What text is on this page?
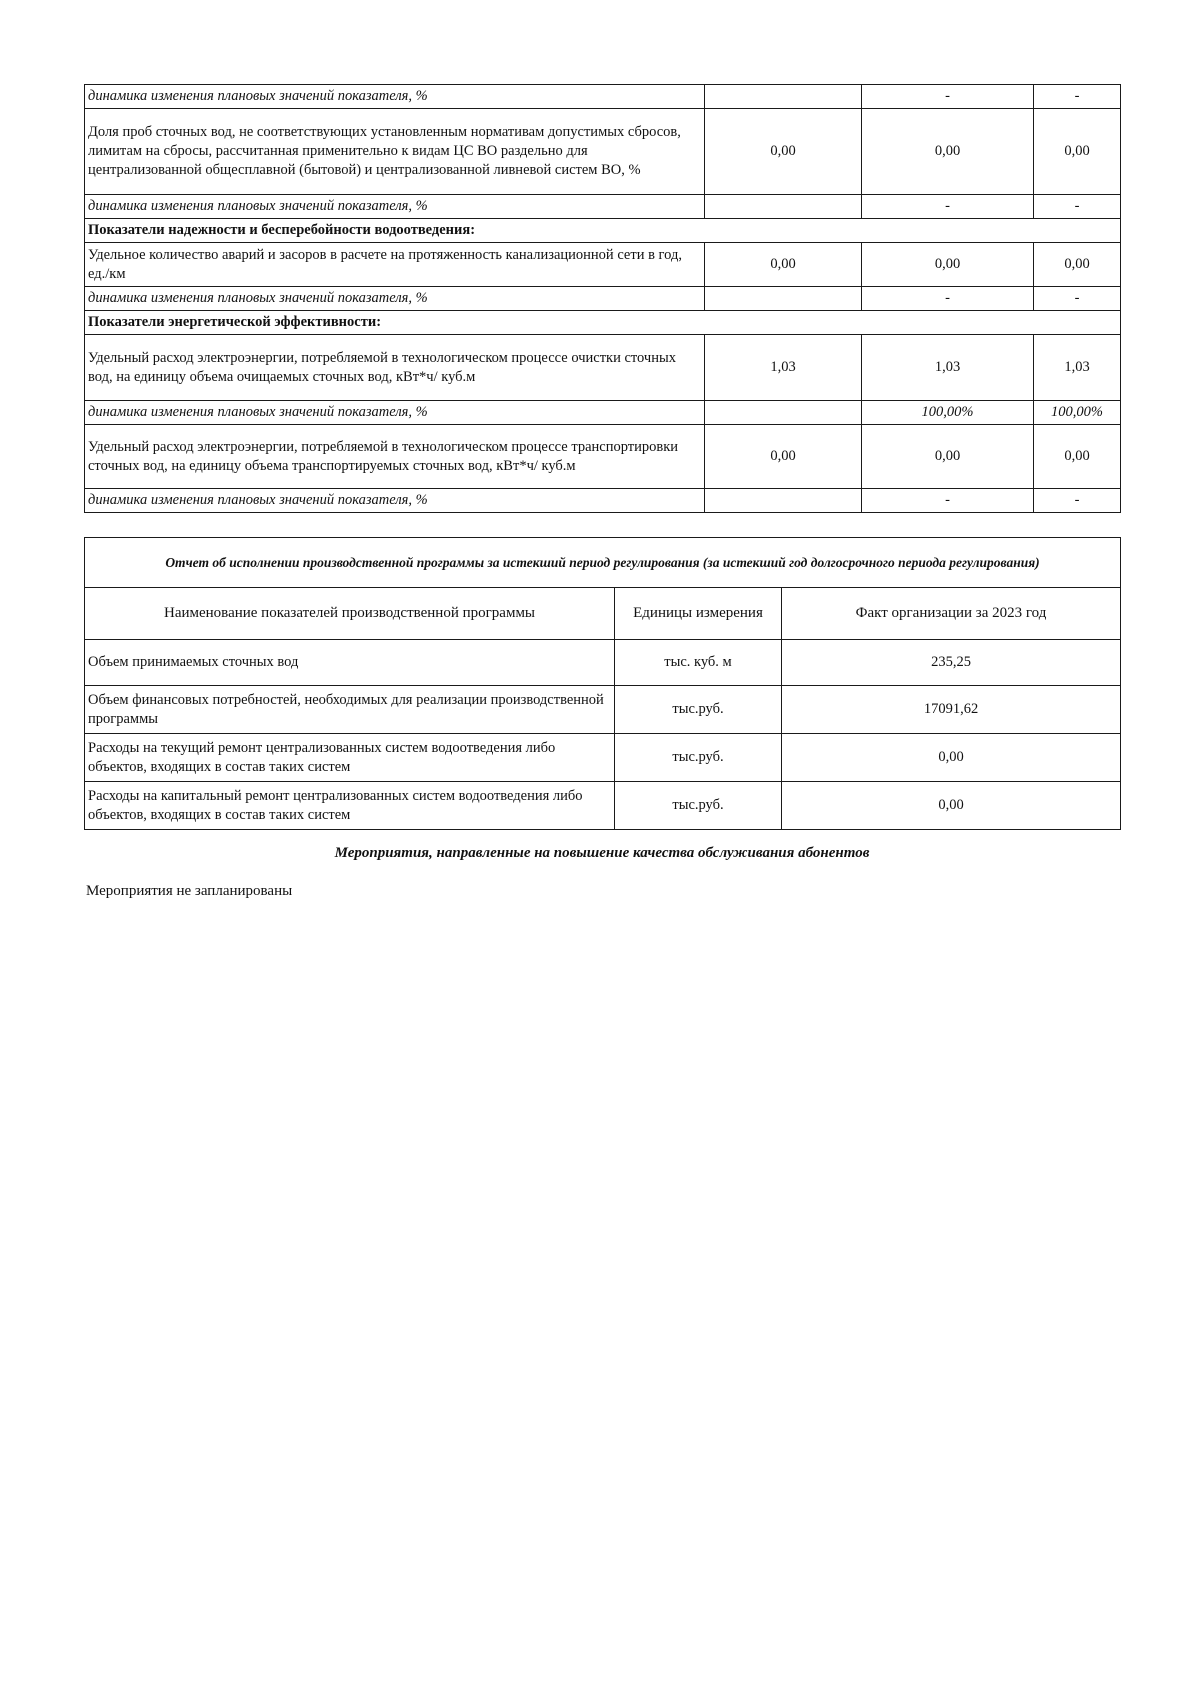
динамика изменения плановых значений показателя, %		-	-
Доля проб сточных вод, не соответствующих установленным нормативам допустимых сбросов, лимитам на сбросы, рассчитанная применительно к видам ЦС ВО раздельно для централизованной общесплавной (бытовой) и централизованной ливневой систем ВО, %	0,00	0,00	0,00
динамика изменения плановых значений показателя, %		-	-
Показатели надежности и бесперебойности водоотведения:			
Удельное количество аварий и засоров в расчете на протяженность канализационной сети в год, ед./км	0,00	0,00	0,00
динамика изменения плановых значений показателя, %		-	-
Показатели энергетической эффективности:			
Удельный расход электроэнергии, потребляемой в технологическом процессе очистки сточных вод, на единицу объема очищаемых сточных вод, кВт*ч/ куб.м	1,03	1,03	1,03
динамика изменения плановых значений показателя, %		100,00%	100,00%
Удельный расход электроэнергии, потребляемой в технологическом процессе транспортировки сточных вод, на единицу объема транспортируемых сточных вод, кВт*ч/ куб.м	0,00	0,00	0,00
динамика изменения плановых значений показателя, %		-	-
Отчет об исполнении производственной программы за истекший период регулирования (за истекший год долгосрочного периода регулирования)		
Наименование показателей производственной программы	Единицы измерения	Факт организации за 2023 год
Объем принимаемых сточных вод	тыс. куб. м	235,25
Объем финансовых потребностей, необходимых для реализации производственной программы	тыс.руб.	17091,62
Расходы на текущий ремонт централизованных систем водоотведения либо объектов, входящих в состав таких систем	тыс.руб.	0,00
Расходы на капитальный ремонт централизованных систем водоотведения либо объектов, входящих в состав таких систем	тыс.руб.	0,00
Мероприятия, направленные на повышение качества обслуживания абонентов
Мероприятия не запланированы
